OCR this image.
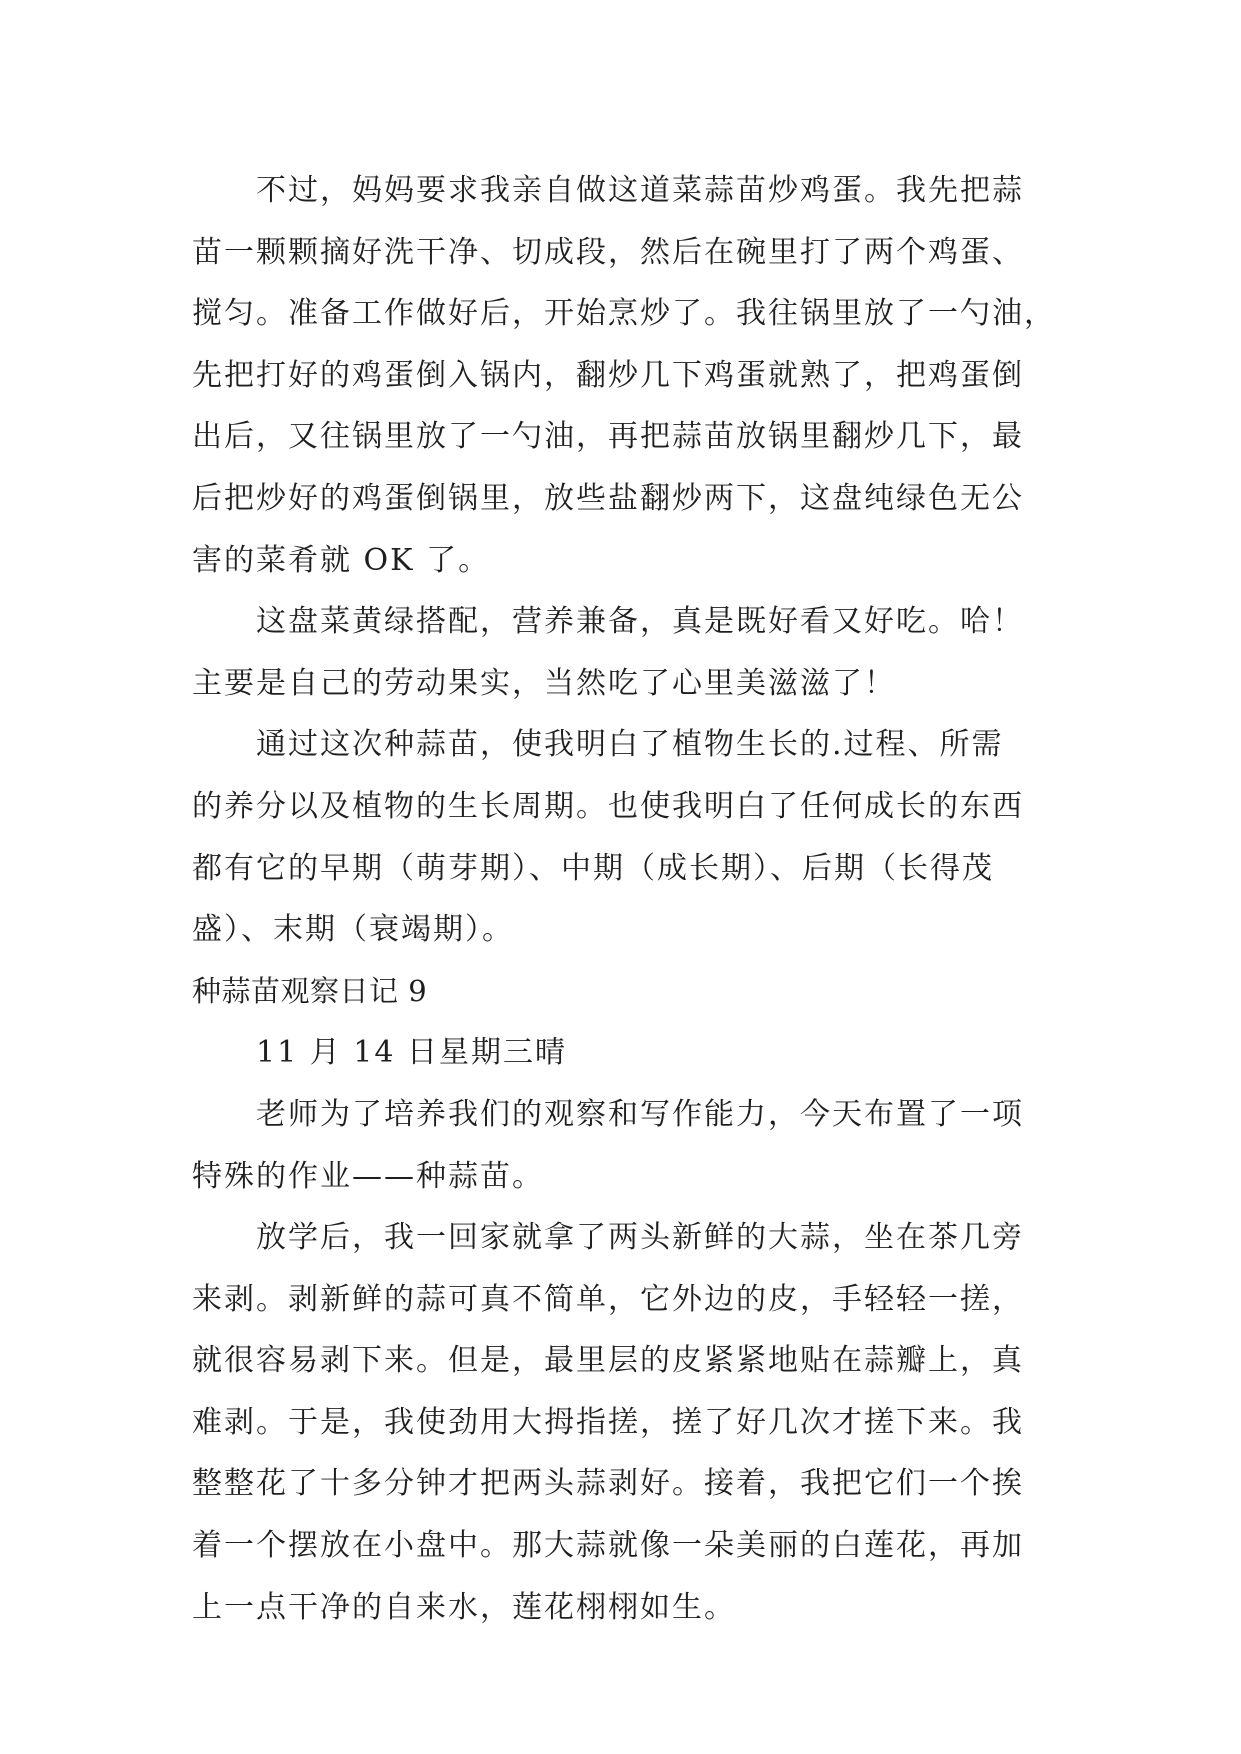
不过，妈妈要求我亲自做这道菜蒜苗炒鸡蛋。我先把蒜
苗一颗颗摘好洗干净、切成段，然后在碗里打了两个鸡蛋、
搅匀。准备工作做好后，开始烹炒了。我往锅里放了一勺油，
先把打好的鸡蛋倒入锅内，翻炒几下鸡蛋就熟了，把鸡蛋倒
出后，又往锅里放了一勺油，再把蒜苗放锅里翻炒几下，最
后把炒好的鸡蛋倒锅里，放些盐翻炒两下，这盘纯绿色无公
害的菜肴就 OK 了。
这盘菜黄绿搭配，营养兼备，真是既好看又好吃。哈！
主要是自己的劳动果实，当然吃了心里美滋滋了！
通过这次种蒜苗，使我明白了植物生长的.过程、所需
的养分以及植物的生长周期。也使我明白了任何成长的东西
都有它的早期（萌芽期）、中期（成长期）、后期（长得茂
盛）、末期（衰竭期）。
种蒜苗观察日记 9
11 月 14 日星期三晴
老师为了培养我们的观察和写作能力，今天布置了一项
特殊的作业——种蒜苗。
放学后，我一回家就拿了两头新鲜的大蒜，坐在茶几旁
来剥。剥新鲜的蒜可真不简单，它外边的皮，手轻轻一搓，
就很容易剥下来。但是，最里层的皮紧紧地贴在蒜瓣上，真
难剥。于是，我使劲用大拇指搓，搓了好几次才搓下来。我
整整花了十多分钟才把两头蒜剥好。接着，我把它们一个挨
着一个摆放在小盘中。那大蒜就像一朵美丽的白莲花，再加
上一点干净的自来水，莲花栩栩如生。
